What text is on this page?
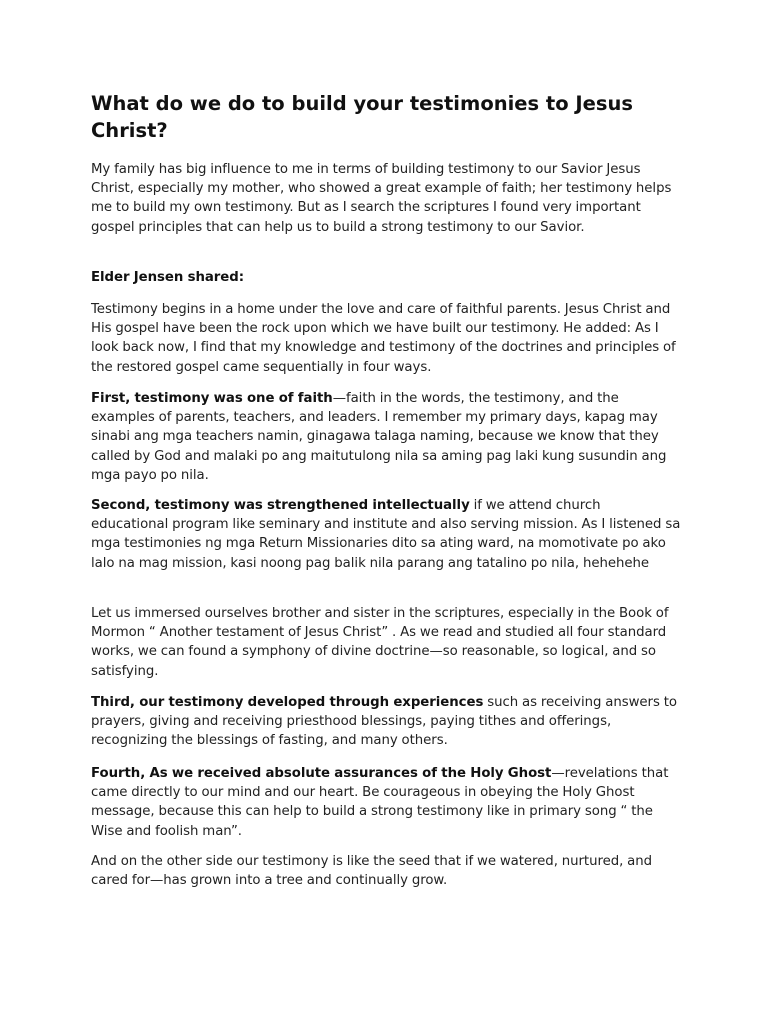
What do we do to build your testimonies to Jesus Christ?

My family has big influence to me in terms of building testimony to our Savior Jesus Christ, especially my mother, who showed a great example of faith; her testimony helps me to build my own testimony. But as I search the scriptures I found very important gospel principles that can help us to build a strong testimony to our Savior.

Elder Jensen shared:

Testimony begins in a home under the love and care of faithful parents. Jesus Christ and His gospel have been the rock upon which we have built our testimony. He added: As I look back now, I find that my knowledge and testimony of the doctrines and principles of the restored gospel came sequentially in four ways.

First, testimony was one of faith—faith in the words, the testimony, and the examples of parents, teachers, and leaders. I remember my primary days, kapag may sinabi ang mga teachers namin, ginagawa talaga naming, because we know that they called by God and malaki po ang maitutulong nila sa aming pag laki kung susundin ang mga payo po nila.

Second, testimony was strengthened intellectually if we attend church educational program like seminary and institute and also serving mission. As I listened sa mga testimonies ng mga Return Missionaries dito sa ating ward, na momotivate po ako lalo na mag mission, kasi noong pag balik nila parang ang tatalino po nila, hehehehe

Let us immersed ourselves brother and sister in the scriptures, especially in the Book of Mormon “ Another testament of Jesus Christ” . As we read and studied all four standard works, we can found a symphony of divine doctrine—so reasonable, so logical, and so satisfying.

Third, our testimony developed through experiences such as receiving answers to prayers, giving and receiving priesthood blessings, paying tithes and offerings, recognizing the blessings of fasting, and many others.

Fourth, As we received absolute assurances of the Holy Ghost—revelations that came directly to our mind and our heart. Be courageous in obeying the Holy Ghost message, because this can help to build a strong testimony like in primary song “ the Wise and foolish man”.

And on the other side our testimony is like the seed that if we watered, nurtured, and cared for—has grown into a tree and continually grow.
